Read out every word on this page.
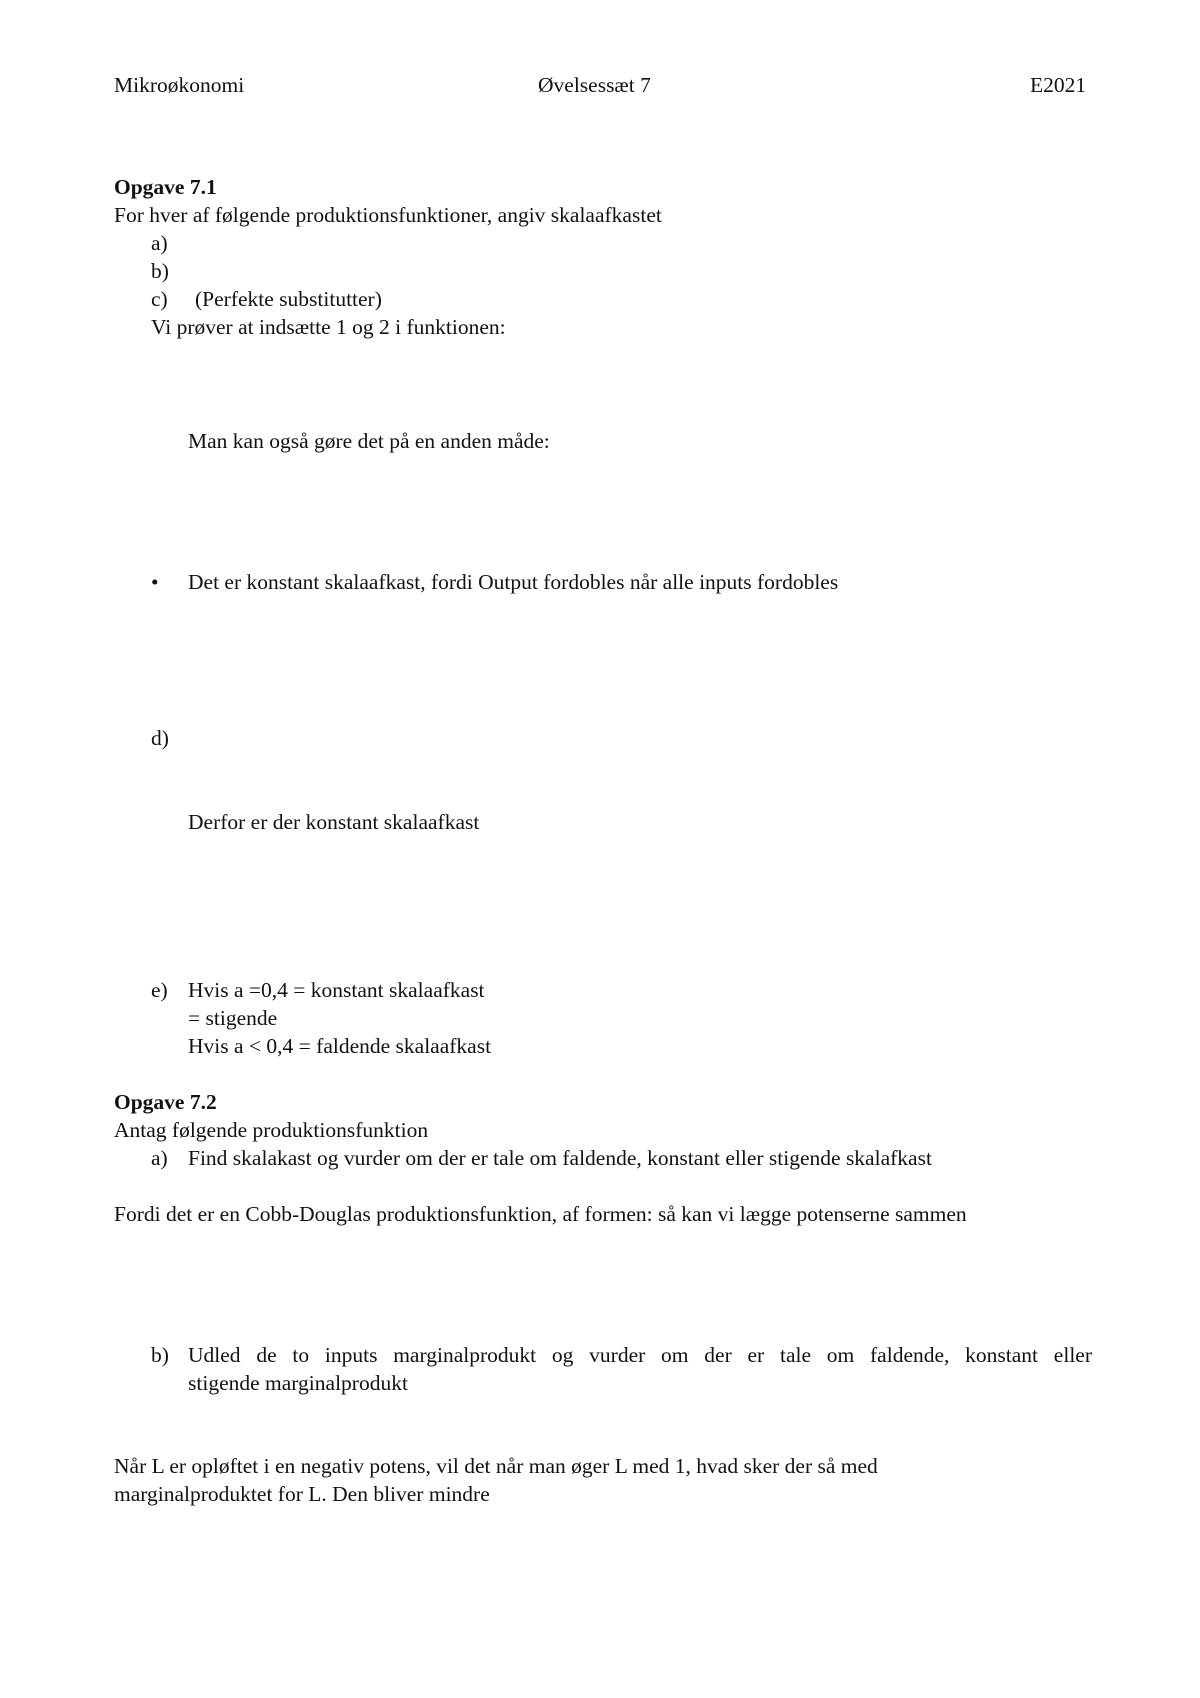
Mikroøkonomi	Øvelsessæt 7	E2021
Opgave 7.1
For hver af følgende produktionsfunktioner, angiv skalaafkastet
a)
b)
c) (Perfekte substitutter)
Vi prøver at indsætte 1 og 2 i funktionen:
Man kan også gøre det på en anden måde:
• Det er konstant skalaafkast, fordi Output fordobles når alle inputs fordobles
d)
Derfor er der konstant skalaafkast
e) Hvis a =0,4 = konstant skalaafkast
= stigende
Hvis a < 0,4 = faldende skalaafkast
Opgave 7.2
Antag følgende produktionsfunktion
a) Find skalakast og vurder om der er tale om faldende, konstant eller stigende skalafkast
Fordi det er en Cobb-Douglas produktionsfunktion, af formen: så kan vi lægge potenserne sammen
b) Udled de to inputs marginalprodukt og vurder om der er tale om faldende, konstant eller
stigende marginalprodukt
Når L er opløftet i en negativ potens, vil det når man øger L med 1, hvad sker der så med
marginalproduktet for L. Den bliver mindre
